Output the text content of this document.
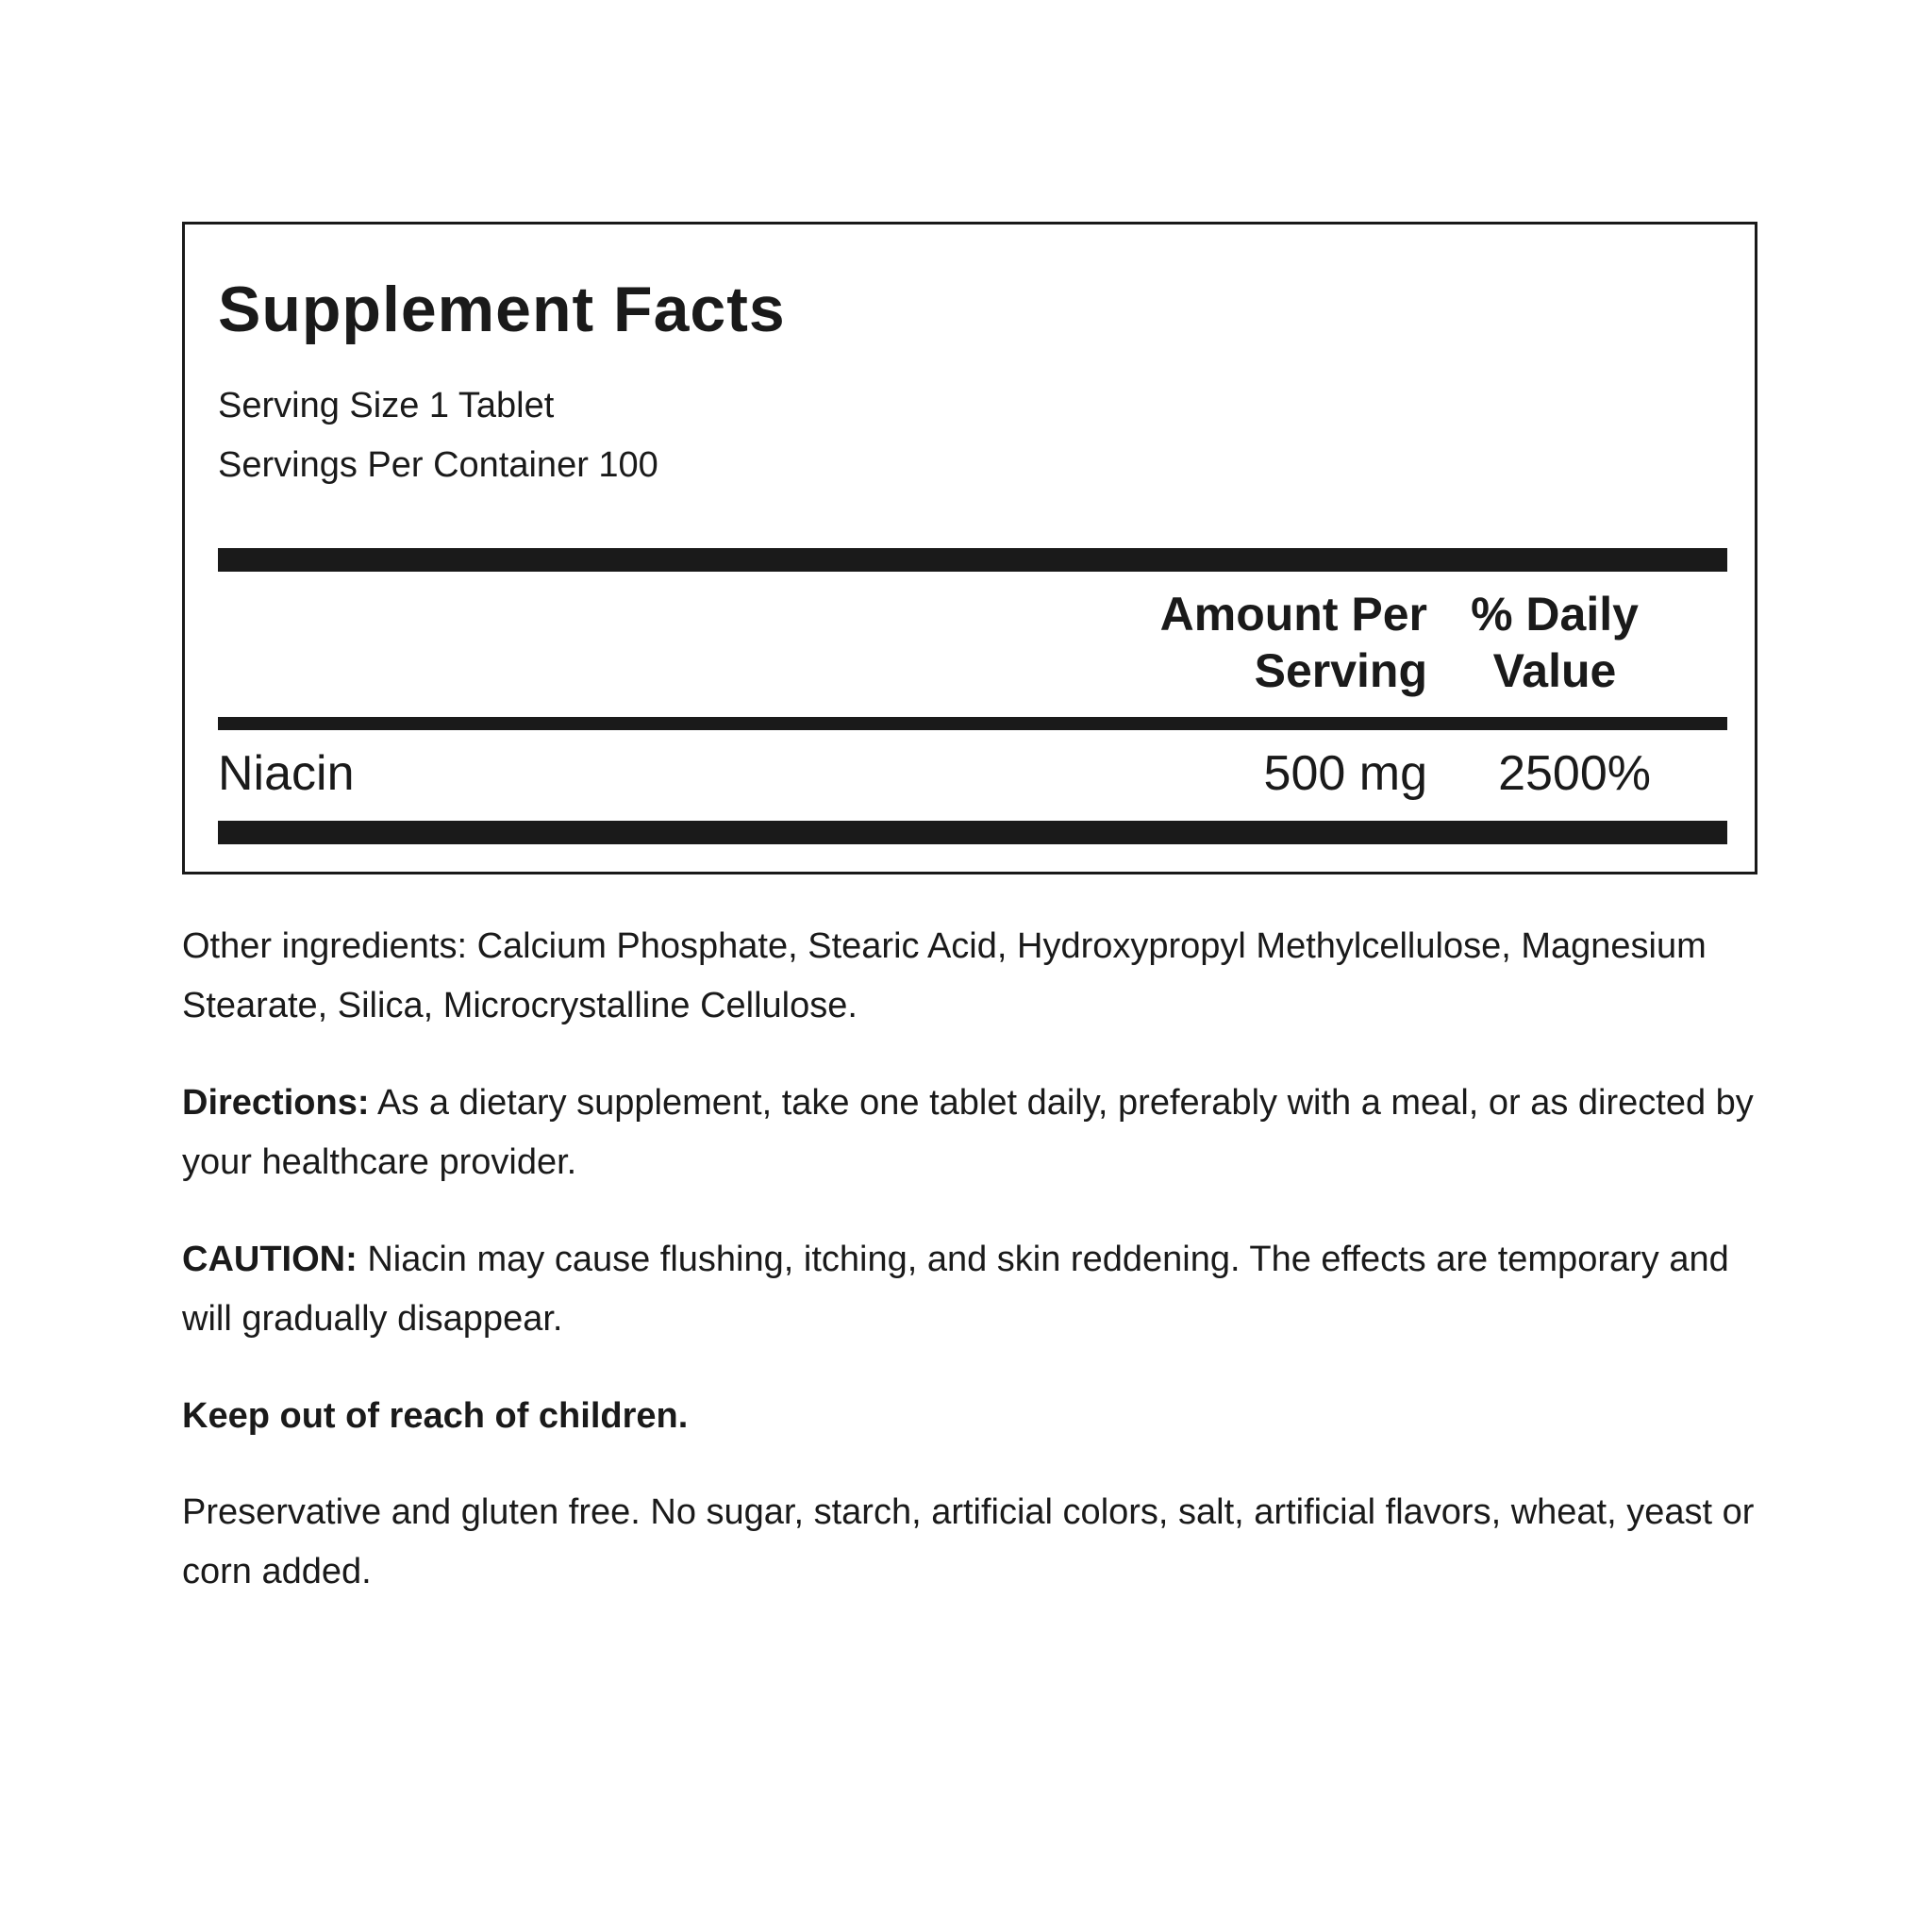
Supplement Facts
Serving Size 1 Tablet
Servings Per Container 100
Amount Per
Serving
% Daily
Value
Niacin	500 mg 2500%

Other ingredients: Calcium Phosphate, Stearic Acid, Hydroxypropyl Methylcellulose, Magnesium Stearate, Silica, Microcrystalline Cellulose.

Directions: As a dietary supplement, take one tablet daily, preferably with a meal, or as directed by your healthcare provider.

CAUTION: Niacin may cause flushing, itching, and skin reddening. The effects are temporary and will gradually disappear.

Keep out of reach of children.

Preservative and gluten free. No sugar, starch, artificial colors, salt, artificial flavors, wheat, yeast or corn added.
